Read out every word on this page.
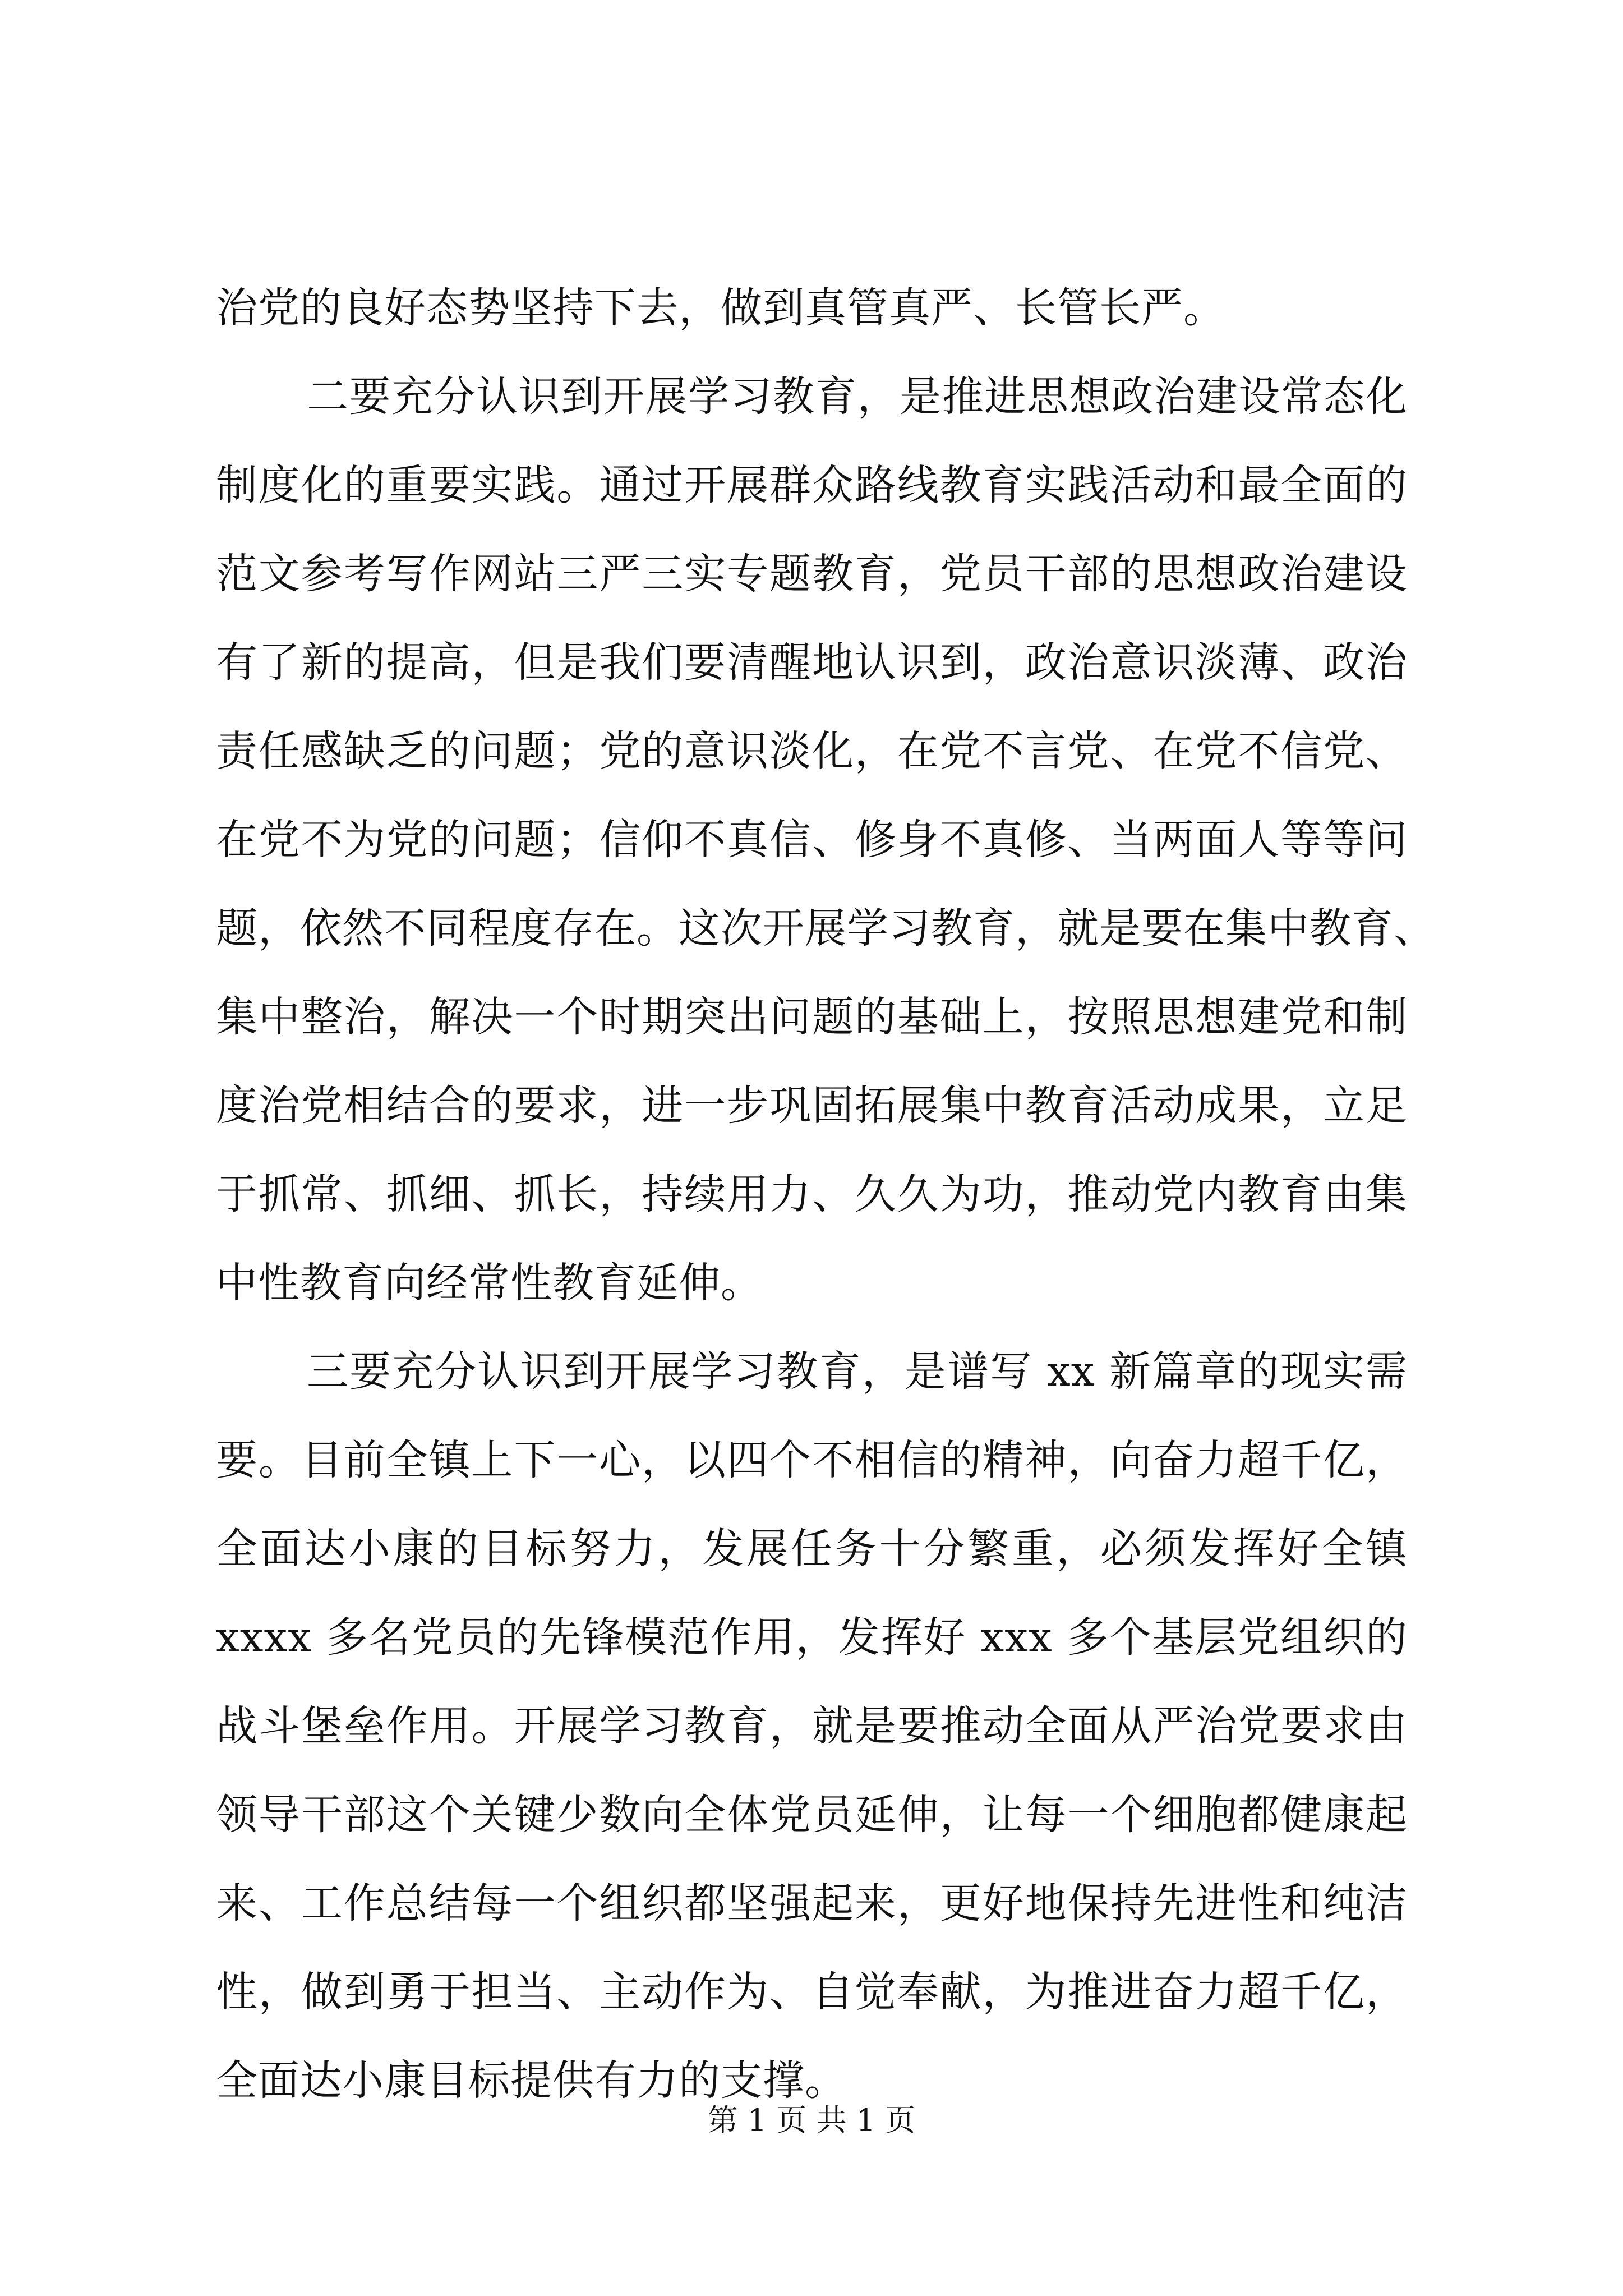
治党的良好态势坚持下去，做到真管真严、长管长严。
二要充分认识到开展学习教育，是推进思想政治建设常态化
制度化的重要实践。通过开展群众路线教育实践活动和最全面的
范文参考写作网站三严三实专题教育，党员干部的思想政治建设
有了新的提高，但是我们要清醒地认识到，政治意识淡薄、政治
责任感缺乏的问题；党的意识淡化，在党不言党、在党不信党、
在党不为党的问题；信仰不真信、修身不真修、当两面人等等问
题，依然不同程度存在。这次开展学习教育，就是要在集中教育、
集中整治，解决一个时期突出问题的基础上，按照思想建党和制
度治党相结合的要求，进一步巩固拓展集中教育活动成果，立足
于抓常、抓细、抓长，持续用力、久久为功，推动党内教育由集
中性教育向经常性教育延伸。
三要充分认识到开展学习教育，是谱写 xx 新篇章的现实需
要。目前全镇上下一心，以四个不相信的精神，向奋力超千亿，
全面达小康的目标努力，发展任务十分繁重，必须发挥好全镇
xxxx 多名党员的先锋模范作用，发挥好 xxx 多个基层党组织的
战斗堡垒作用。开展学习教育，就是要推动全面从严治党要求由
领导干部这个关键少数向全体党员延伸，让每一个细胞都健康起
来、工作总结每一个组织都坚强起来，更好地保持先进性和纯洁
性，做到勇于担当、主动作为、自觉奉献，为推进奋力超千亿，
全面达小康目标提供有力的支撑。
第 1 页 共 1 页
